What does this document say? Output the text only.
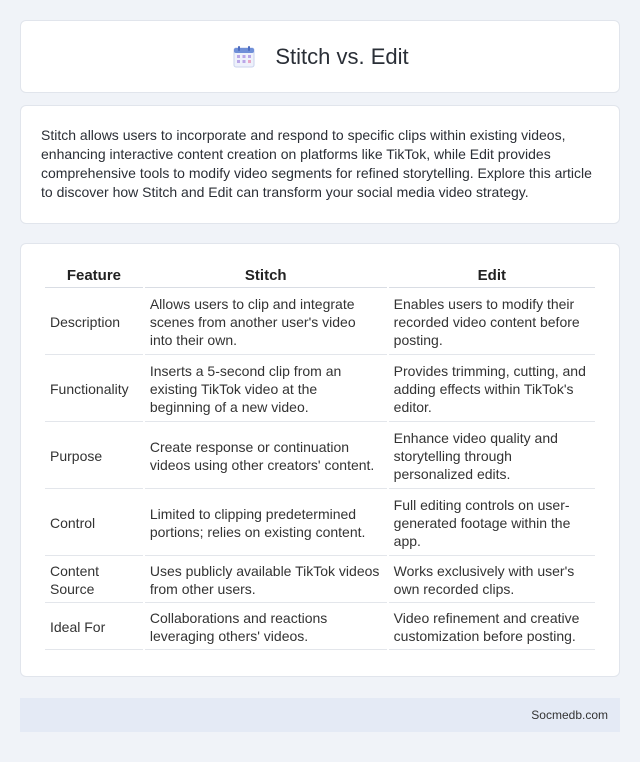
Stitch vs. Edit

Stitch allows users to incorporate and respond to specific clips within existing videos, enhancing interactive content creation on platforms like TikTok, while Edit provides comprehensive tools to modify video segments for refined storytelling. Explore this article to discover how Stitch and Edit can transform your social media video strategy.

Feature	Stitch	Edit
Description	Allows users to clip and integrate scenes from another user's video into their own.	Enables users to modify their recorded video content before posting.
Functionality	Inserts a 5-second clip from an existing TikTok video at the beginning of a new video.	Provides trimming, cutting, and adding effects within TikTok's editor.
Purpose	Create response or continuation videos using other creators' content.	Enhance video quality and storytelling through personalized edits.
Control	Limited to clipping predetermined portions; relies on existing content.	Full editing controls on user-generated footage within the app.
Content Source	Uses publicly available TikTok videos from other users.	Works exclusively with user's own recorded clips.
Ideal For	Collaborations and reactions leveraging others' videos.	Video refinement and creative customization before posting.
Socmedb.com
